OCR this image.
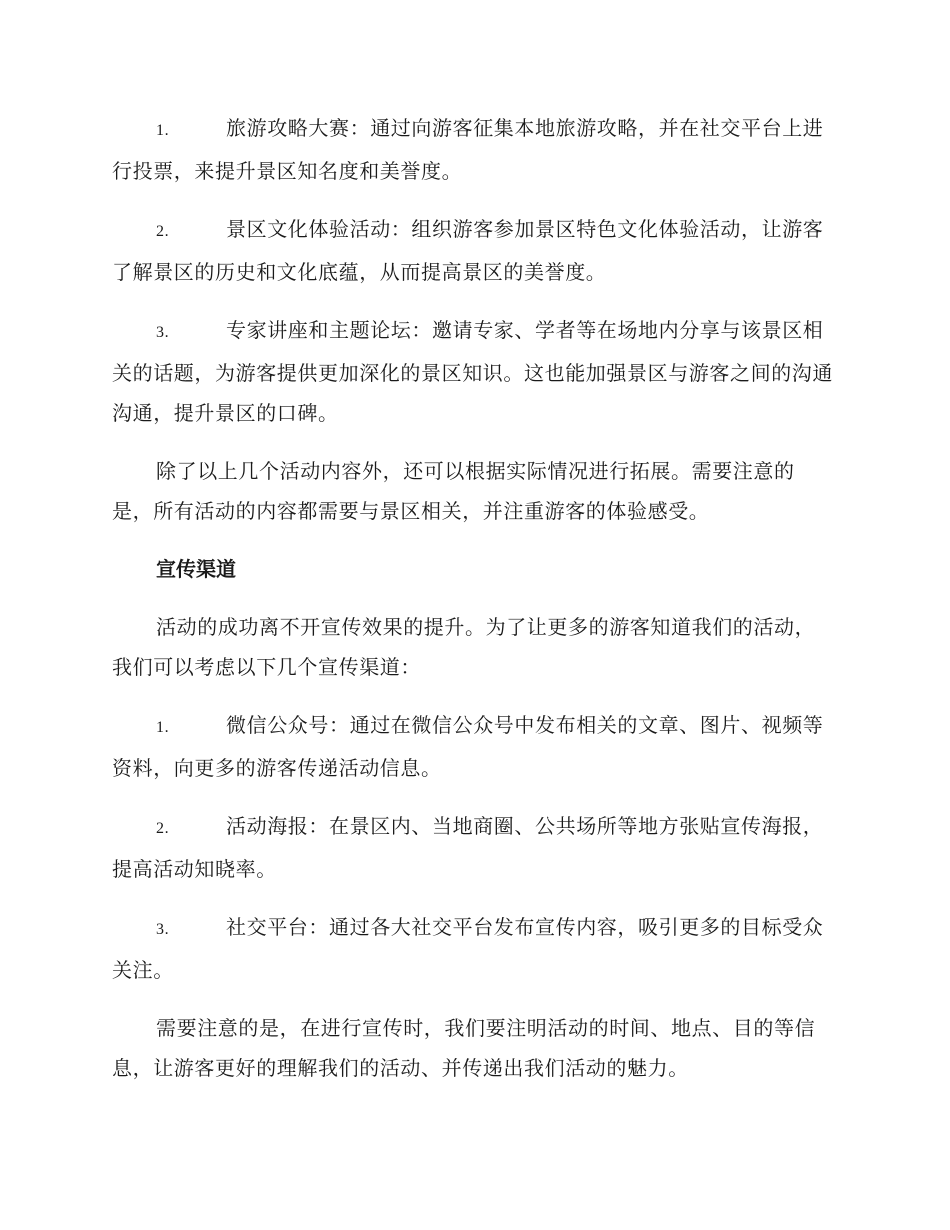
1.	旅游攻略大赛：通过向游客征集本地旅游攻略，并在社交平台上进行投票，来提升景区知名度和美誉度。

2.	景区文化体验活动：组织游客参加景区特色文化体验活动，让游客了解景区的历史和文化底蕴，从而提高景区的美誉度。

3.	专家讲座和主题论坛：邀请专家、学者等在场地内分享与该景区相关的话题，为游客提供更加深化的景区知识。这也能加强景区与游客之间的沟通沟通，提升景区的口碑。

除了以上几个活动内容外，还可以根据实际情况进行拓展。需要注意的是，所有活动的内容都需要与景区相关，并注重游客的体验感受。

宣传渠道

活动的成功离不开宣传效果的提升。为了让更多的游客知道我们的活动，我们可以考虑以下几个宣传渠道：

1.	微信公众号：通过在微信公众号中发布相关的文章、图片、视频等资料，向更多的游客传递活动信息。

2.	活动海报：在景区内、当地商圈、公共场所等地方张贴宣传海报，提高活动知晓率。

3.	社交平台：通过各大社交平台发布宣传内容，吸引更多的目标受众关注。

需要注意的是，在进行宣传时，我们要注明活动的时间、地点、目的等信息，让游客更好的理解我们的活动、并传递出我们活动的魅力。
